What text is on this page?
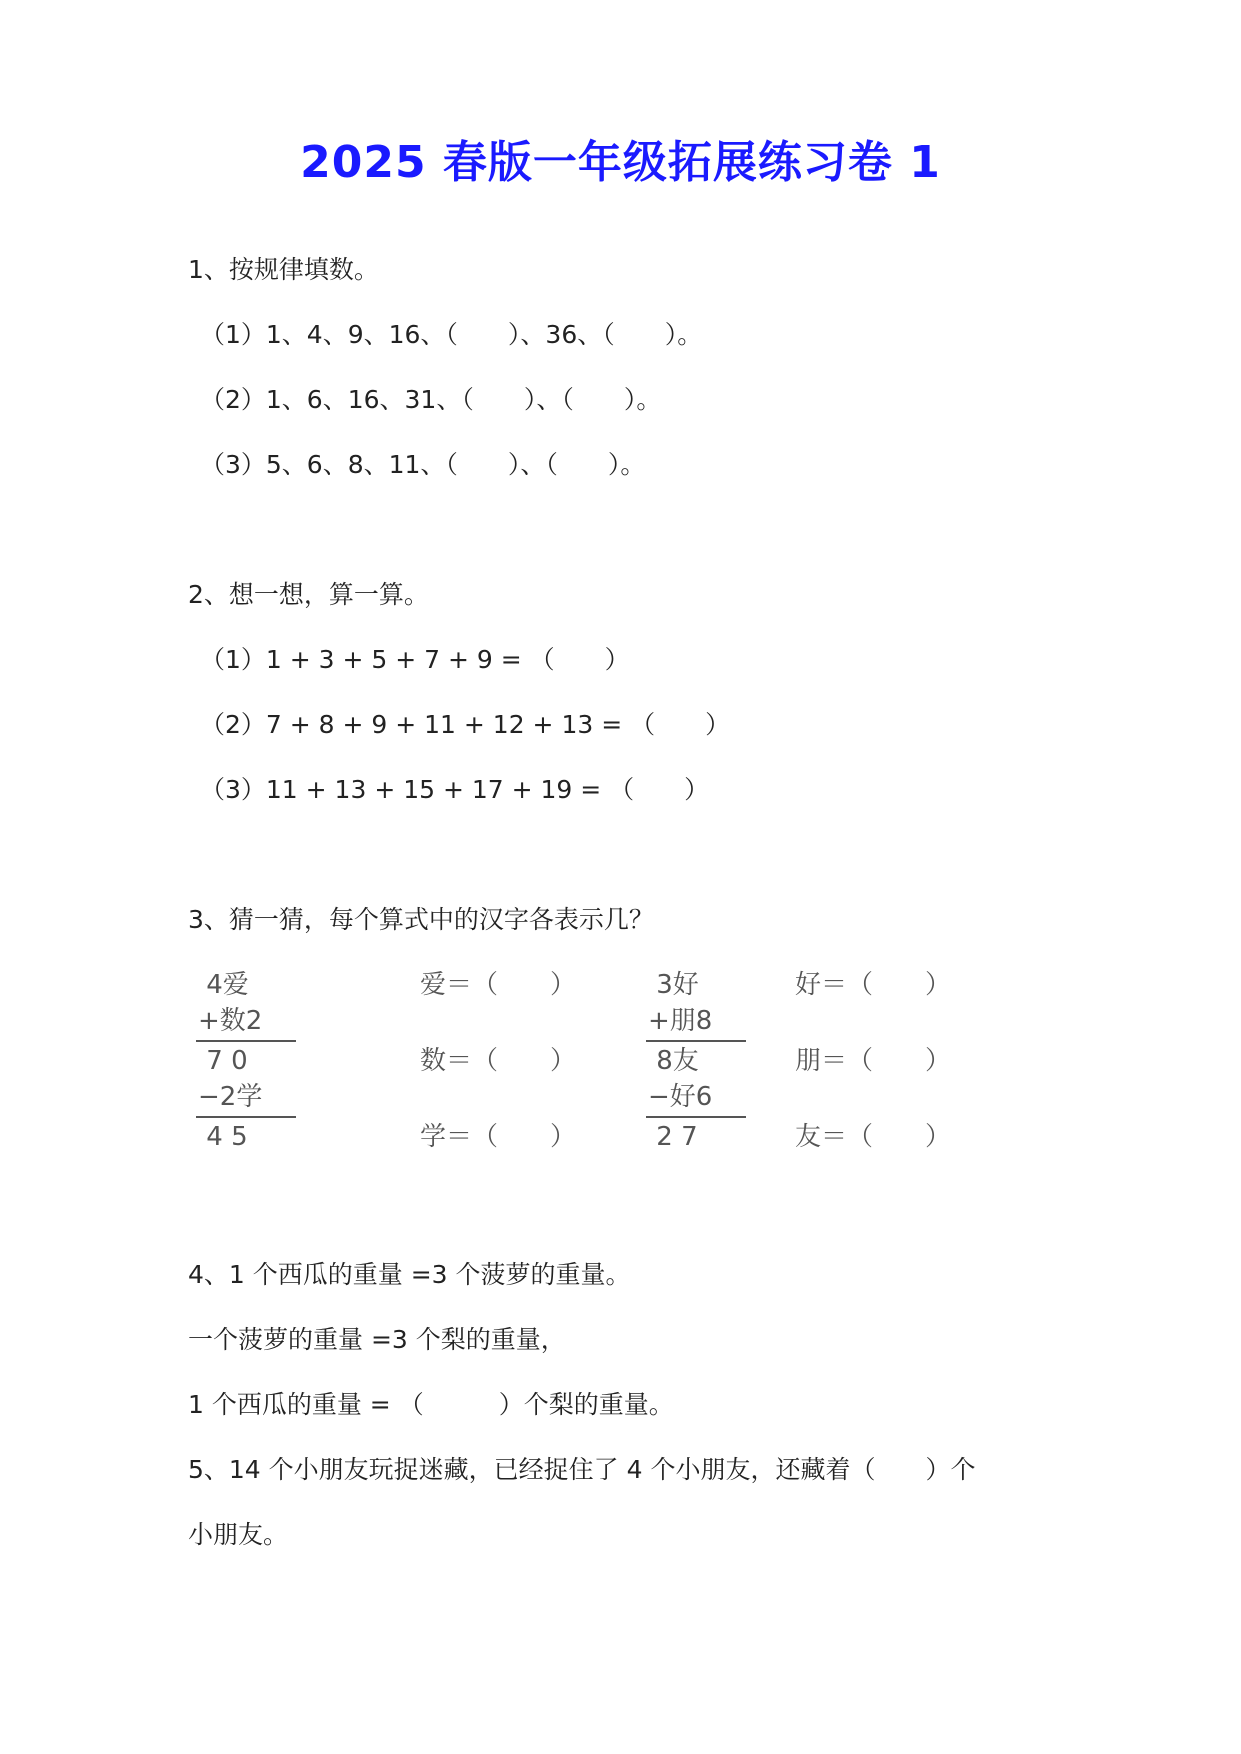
2025 春版一年级拓展练习卷 1
1、按规律填数。
（1）1、4、9、16、（　　）、36、（　　）。
（2）1、6、16、31、（　　）、（　　）。
（3）5、6、8、11、（　　）、（　　）。
2、想一想，算一算。
（1）1 + 3 + 5 + 7 + 9 = （　　）
（2）7 + 8 + 9 + 11 + 12 + 13 = （　　）
（3）11 + 13 + 15 + 17 + 19 = （　　）
3、猜一猜，每个算式中的汉字各表示几？
4爱
+数2
7 0
−2学
4 5
爱＝（　　）
数＝（　　）
学＝（　　）
3好
+朋8
8友
−好6
2 7
好＝（　　）
朋＝（　　）
友＝（　　）
4、1 个西瓜的重量 =3 个菠萝的重量。
一个菠萝的重量 =3 个梨的重量，
1 个西瓜的重量 = （　　　）个梨的重量。
5、14 个小朋友玩捉迷藏，已经捉住了 4 个小朋友，还藏着（　　）个
小朋友。
